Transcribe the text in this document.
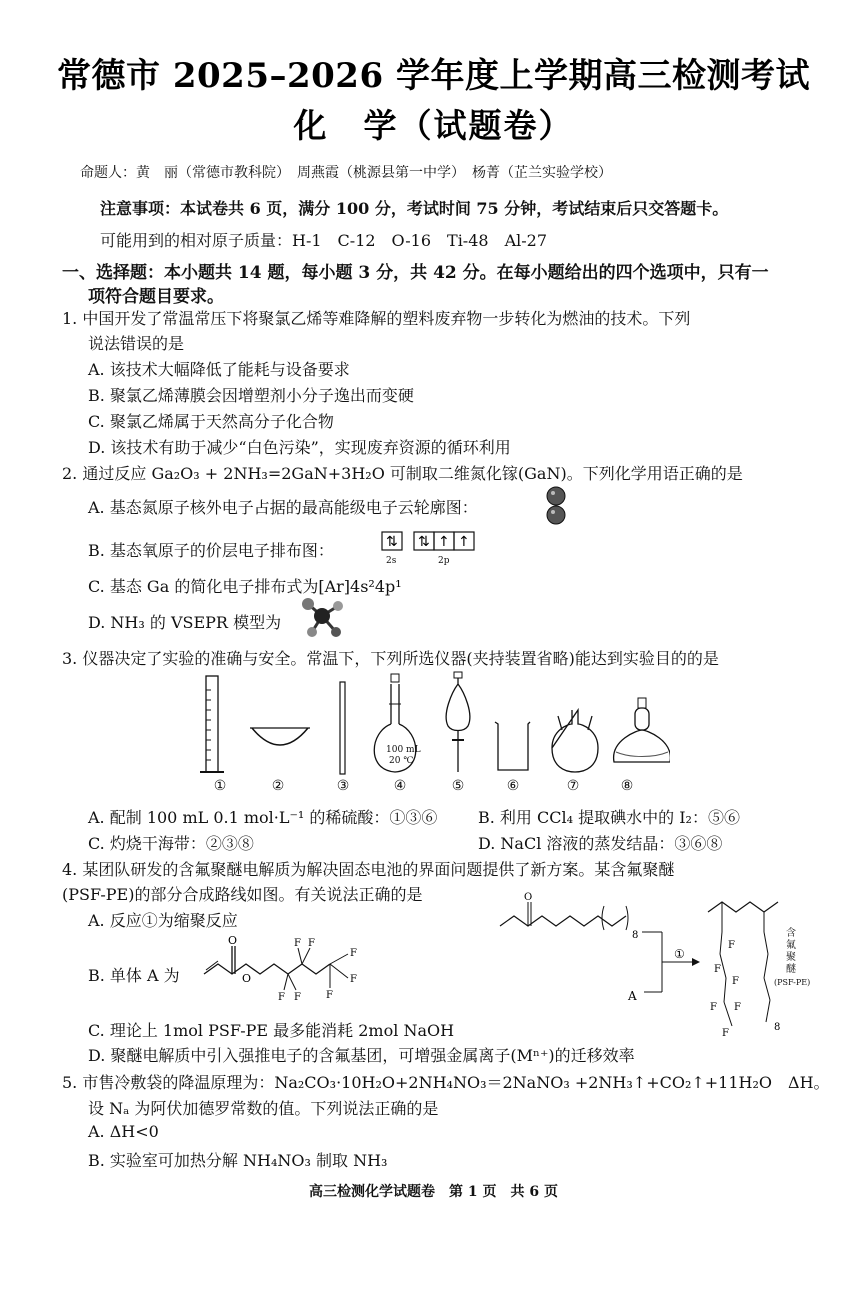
常德市 2025–2026 学年度上学期高三检测考试
化　学（试题卷）
命题人：黄　丽（常德市教科院）　周燕霞（桃源县第一中学）　杨菁（芷兰实验学校）
注意事项：本试卷共 6 页，满分 100 分，考试时间 75 分钟，考试结束后只交答题卡。
可能用到的相对原子质量：H-1　C-12　O-16　Ti-48　Al-27
一、选择题：本小题共 14 题，每小题 3 分，共 42 分。在每小题给出的四个选项中，只有一
项符合题目要求。
1. 中国开发了常温常压下将聚氯乙烯等难降解的塑料废弃物一步转化为燃油的技术。下列
说法错误的是
A. 该技术大幅降低了能耗与设备要求
B. 聚氯乙烯薄膜会因增塑剂小分子逸出而变硬
C. 聚氯乙烯属于天然高分子化合物
D. 该技术有助于减少“白色污染”，实现废弃资源的循环利用
2. 通过反应 Ga₂O₃ + 2NH₃=2GaN+3H₂O 可制取二维氮化镓(GaN)。下列化学用语正确的是
A. 基态氮原子核外电子占据的最高能级电子云轮廓图：
B. 基态氧原子的价层电子排布图：	⇅ ⇅ ↑ ↑
2s	2p
C. 基态 Ga 的简化电子排布式为[Ar]4s²4p¹
D. NH₃ 的 VSEPR 模型为
3. 仪器决定了实验的准确与安全。常温下，下列所选仪器(夹持装置省略)能达到实验目的的是
100 mL
20 ℃
①	②	③	④	⑤	⑥	⑦	⑧
A. 配制 100 mL 0.1 mol·L⁻¹ 的稀硫酸：①③⑥	B. 利用 CCl₄ 提取碘水中的 I₂：⑤⑥
C. 灼烧干海带：②③⑧	D. NaCl 溶液的蒸发结晶：③⑥⑧
4. 某团队研发的含氟聚醚电解质为解决固态电池的界面问题提供了新方案。某含氟聚醚
(PSF-PE)的部分合成路线如图。有关说法正确的是
A. 反应①为缩聚反应
B. 单体 A 为
O
O
F F
F F
F
F
F
C. 理论上 1mol PSF-PE 最多能消耗 2mol NaOH
D. 聚醚电解质中引入强推电子的含氟基团，可增强金属离子(Mⁿ⁺)的迁移效率
O
8
①
A
F
F
F
F F
F
8
含氟聚醚
(PSF-PE)
5. 市售冷敷袋的降温原理为：Na₂CO₃·10H₂O+2NH₄NO₃＝2NaNO₃ +2NH₃↑+CO₂↑+11H₂O　ΔH。
设 Nₐ 为阿伏加德罗常数的值。下列说法正确的是
A. ΔH<0
B. 实验室可加热分解 NH₄NO₃ 制取 NH₃
高三检测化学试题卷　第 1 页　共 6 页
